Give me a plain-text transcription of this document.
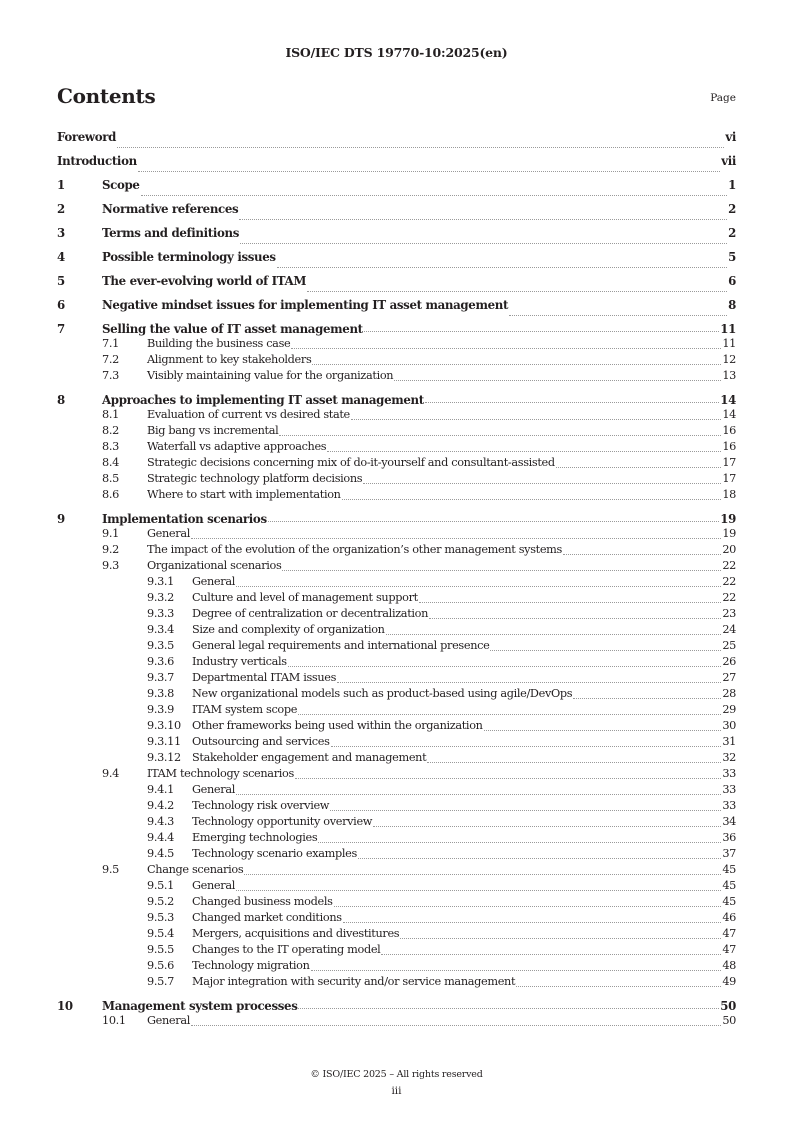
ISO/IEC DTS 19770-10:2025(en)
Contents	Page
Foreword	vi
Introduction	vii
1	Scope	1
2	Normative references	2
3	Terms and definitions	2
4	Possible terminology issues	5
5	The ever-evolving world of ITAM	6
6	Negative mindset issues for implementing IT asset management	8
7	Selling the value of IT asset management	11
7.1	Building the business case	11
7.2	Alignment to key stakeholders	12
7.3	Visibly maintaining value for the organization	13
8	Approaches to implementing IT asset management	14
8.1	Evaluation of current vs desired state	14
8.2	Big bang vs incremental	16
8.3	Waterfall vs adaptive approaches	16
8.4	Strategic decisions concerning mix of do-it-yourself and consultant-assisted	17
8.5	Strategic technology platform decisions	17
8.6	Where to start with implementation	18
9	Implementation scenarios	19
9.1	General	19
9.2	The impact of the evolution of the organization’s other management systems	20
9.3	Organizational scenarios	22
9.3.1	General	22
9.3.2	Culture and level of management support	22
9.3.3	Degree of centralization or decentralization	23
9.3.4	Size and complexity of organization	24
9.3.5	General legal requirements and international presence	25
9.3.6	Industry verticals	26
9.3.7	Departmental ITAM issues	27
9.3.8	New organizational models such as product-based using agile/DevOps	28
9.3.9	ITAM system scope	29
9.3.10 Other frameworks being used within the organization	30
9.3.11 Outsourcing and services	31
9.3.12 Stakeholder engagement and management	32
9.4	ITAM technology scenarios	33
9.4.1	General	33
9.4.2	Technology risk overview	33
9.4.3	Technology opportunity overview	34
9.4.4	Emerging technologies	36
9.4.5	Technology scenario examples	37
9.5	Change scenarios	45
9.5.1	General	45
9.5.2	Changed business models	45
9.5.3	Changed market conditions	46
9.5.4	Mergers, acquisitions and divestitures	47
9.5.5	Changes to the IT operating model	47
9.5.6	Technology migration	48
9.5.7	Major integration with security and/or service management	49
10	Management system processes	50
10.1	General	50
© ISO/IEC 2025 – All rights reserved
iii
